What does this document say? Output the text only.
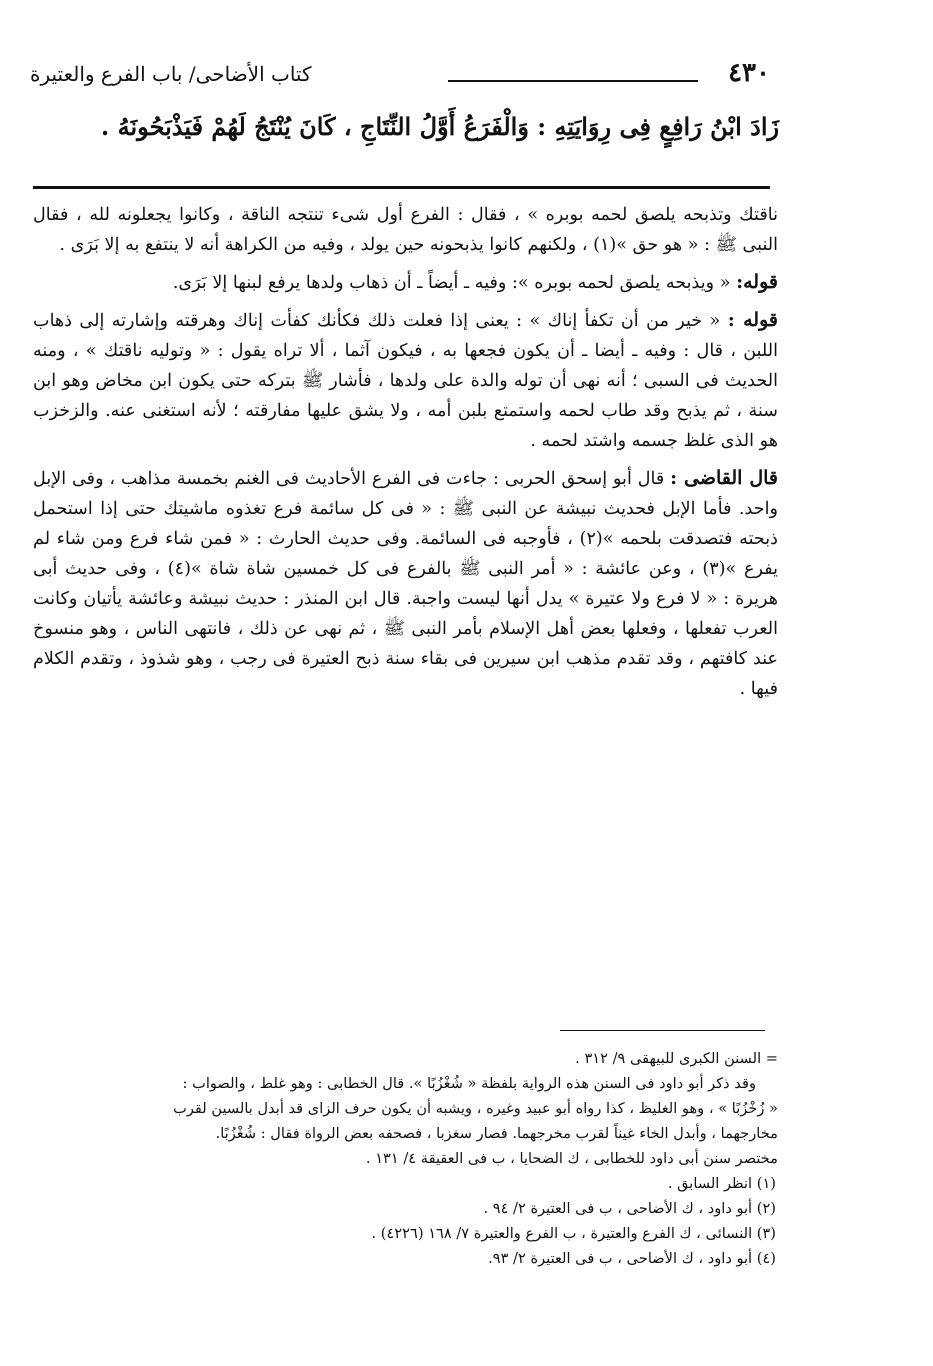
٤٣٠
كتاب الأضاحى/ باب الفرع والعتيرة
زَادَ ابْنُ رَافِعٍ فِى رِوَايَتِهِ : وَالْفَرَعُ أَوَّلُ النِّتَاجِ ، كَانَ يُنْتَجُ لَهُمْ فَيَذْبَحُونَهُ .

ناقتك وتذبحه يلصق لحمه بوبره » ، فقال : الفرع أول شىء تنتجه الناقة ، وكانوا يجعلونه لله ، فقال النبى ﷺ : « هو حق »(١) ، ولكنهم كانوا يذبحونه حين يولد ، وفيه من الكراهة أنه لا ينتفع به إلا بَرَى .

قوله: « ويذبحه يلصق لحمه بوبره »: وفيه ـ أيضاً ـ أن ذهاب ولدها يرفع لبنها إلا بَرَى.

قوله : « خير من أن تكفأ إناك » : يعنى إذا فعلت ذلك فكأنك كفأت إناك وهرقته وإشارته إلى ذهاب اللبن ، قال : وفيه ـ أيضا ـ أن يكون فجعها به ، فيكون آثما ، ألا تراه يقول : « وتوليه ناقتك » ، ومنه الحديث فى السبى ؛ أنه نهى أن توله والدة على ولدها ، فأشار ﷺ بتركه حتى يكون ابن مخاض وهو ابن سنة ، ثم يذبح وقد طاب لحمه واستمتع بلبن أمه ، ولا يشق عليها مفارقته ؛ لأنه استغنى عنه. والزخزب هو الذى غلظ جسمه واشتد لحمه .

قال القاضى : قال أبو إسحق الحربى : جاءت فى الفرع الأحاديث فى الغنم بخمسة مذاهب ، وفى الإبل واحد. فأما الإبل فحديث نبيشة عن النبى ﷺ : « فى كل سائمة فرع تغذوه ماشيتك حتى إذا استحمل ذبحته فتصدقت بلحمه »(٢) ، فأوجبه فى السائمة. وفى حديث الحارث : « فمن شاء فرع ومن شاء لم يفرع »(٣) ، وعن عائشة : « أمر النبى ﷺ بالفرع فى كل خمسين شاة شاة »(٤) ، وفى حديث أبى هريرة : « لا فرع ولا عتيرة » يدل أنها ليست واجبة. قال ابن المنذر : حديث نبيشة وعائشة يأتيان وكانت العرب تفعلها ، وفعلها بعض أهل الإسلام بأمر النبى ﷺ ، ثم نهى عن ذلك ، فانتهى الناس ، وهو منسوخ عند كافتهم ، وقد تقدم مذهب ابن سيرين فى بقاء سنة ذبح العتيرة فى رجب ، وهو شذوذ ، وتقدم الكلام فيها .

= السنن الكبرى للبيهقى ٩/ ٣١٢ .
وقد ذكر أبو داود فى السنن هذه الرواية بلفظة « شُغْزُبًا ». قال الخطابى : وهو غلط ، والصواب :
« زُخْزُبًا » ، وهو الغليظ ، كذا رواه أبو عبيد وغيره ، ويشبه أن يكون حرف الزاى قد أبدل بالسين لقرب
مخارجهما ، وأبدل الخاء غيناً لقرب مخرجهما. فصار سغزبا ، فصحفه بعض الرواة فقال : شُغْزُبًا.
مختصر سنن أبى داود للخطابى ، ك الضحايا ، ب فى العقيقة ٤/ ١٣١ .
(١) انظر السابق .
(٢) أبو داود ، ك الأضاحى ، ب فى العتيرة ٢/ ٩٤ .
(٣) النسائى ، ك الفرع والعتيرة ، ب الفرع والعتيرة ٧/ ١٦٨ (٤٢٢٦) .
(٤) أبو داود ، ك الأضاحى ، ب فى العتيرة ٢/ ٩٣.
